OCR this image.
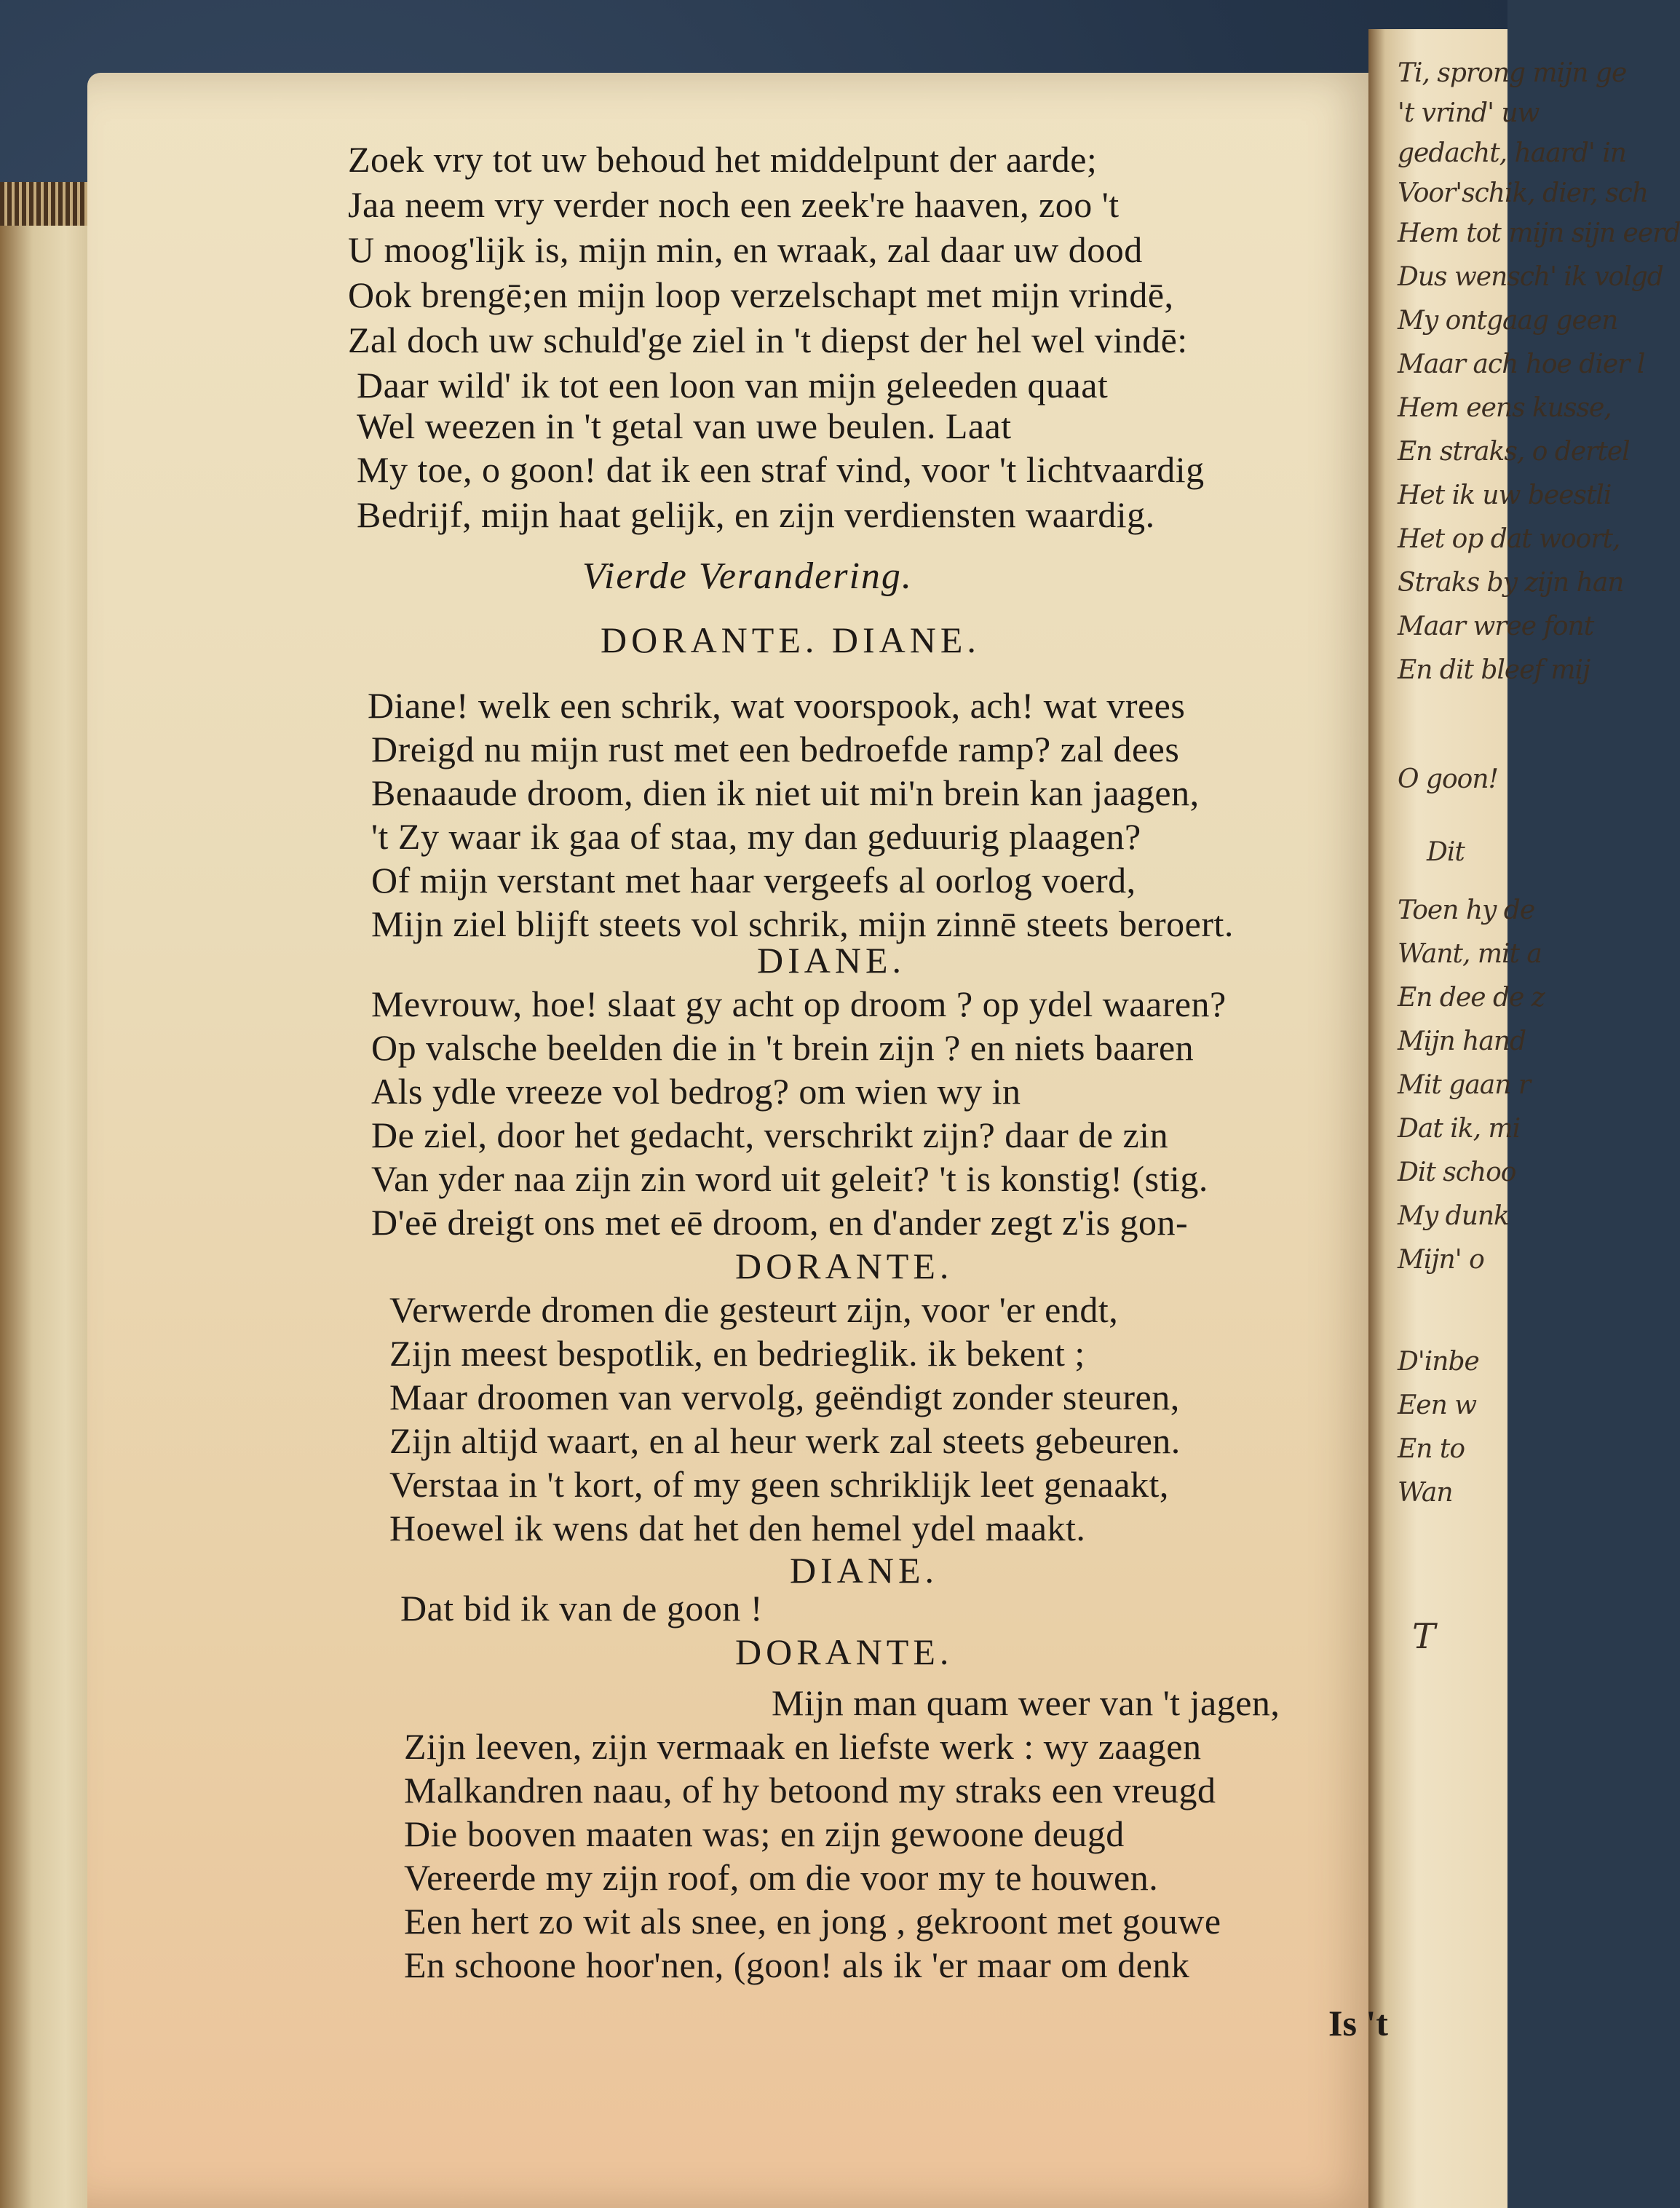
Ti, sprong mijn ge
't vrind' uw
gedacht, haard' in
Voor'schik, dier, sch
Hem tot mijn sijn eerd
Dus wensch' ik volgd
My ontgaag geen
Maar ach hoe dier l
Hem eens kusse,
En straks, o dertel
Het ik uw beestli
Het op dat woort,
Straks by zijn han
Maar wree font
En dit bleef mij
O goon!
Dit
Toen hy de
Want, mit a
En dee de z
Mijn hand
Mit gaan r
Dat ik, mi
Dit schoo
My dunk
Mijn' o
D'inbe
Een w
En to
Wan
T
Zoek vry tot uw behoud het middelpunt der aarde;
Jaa neem vry verder noch een zeek're haaven, zoo 't
U moog'lijk is, mijn min, en wraak, zal daar uw dood
Ook brengē;en mijn loop verzelschapt met mijn vrindē,
Zal doch uw schuld'ge ziel in 't diepst der hel wel vindē:
Daar wild' ik tot een loon van mijn geleeden quaat
Wel weezen in 't getal van uwe beulen. Laat
My toe, o goon! dat ik een straf vind, voor 't lichtvaardig
Bedrijf, mijn haat gelijk, en zijn verdiensten waardig.
Vierde Verandering.
DORANTE. DIANE.
Diane! welk een schrik, wat voorspook, ach! wat vrees
Dreigd nu mijn rust met een bedroefde ramp? zal dees
Benaaude droom, dien ik niet uit mi'n brein kan jaagen,
't Zy waar ik gaa of staa, my dan geduurig plaagen?
Of mijn verstant met haar vergeefs al oorlog voerd,
Mijn ziel blijft steets vol schrik, mijn zinnē steets beroert.
DIANE.
Mevrouw, hoe! slaat gy acht op droom ? op ydel waaren?
Op valsche beelden die in 't brein zijn ? en niets baaren
Als ydle vreeze vol bedrog? om wien wy in
De ziel, door het gedacht, verschrikt zijn? daar de zin
Van yder naa zijn zin word uit geleit? 't is konstig! (stig.
D'eē dreigt ons met eē droom, en d'ander zegt z'is gon-
DORANTE.
Verwerde dromen die gesteurt zijn, voor 'er endt,
Zijn meest bespotlik, en bedrieglik. ik bekent ;
Maar droomen van vervolg, geëndigt zonder steuren,
Zijn altijd waart, en al heur werk zal steets gebeuren.
Verstaa in 't kort, of my geen schriklijk leet genaakt,
Hoewel ik wens dat het den hemel ydel maakt.
DIANE.
Dat bid ik van de goon !
DORANTE.
Mijn man quam weer van 't jagen,
Zijn leeven, zijn vermaak en liefste werk : wy zaagen
Malkandren naau, of hy betoond my straks een vreugd
Die booven maaten was; en zijn gewoone deugd
Vereerde my zijn roof, om die voor my te houwen.
Een hert zo wit als snee, en jong , gekroont met gouwe
En schoone hoor'nen, (goon! als ik 'er maar om denk
Is 't
